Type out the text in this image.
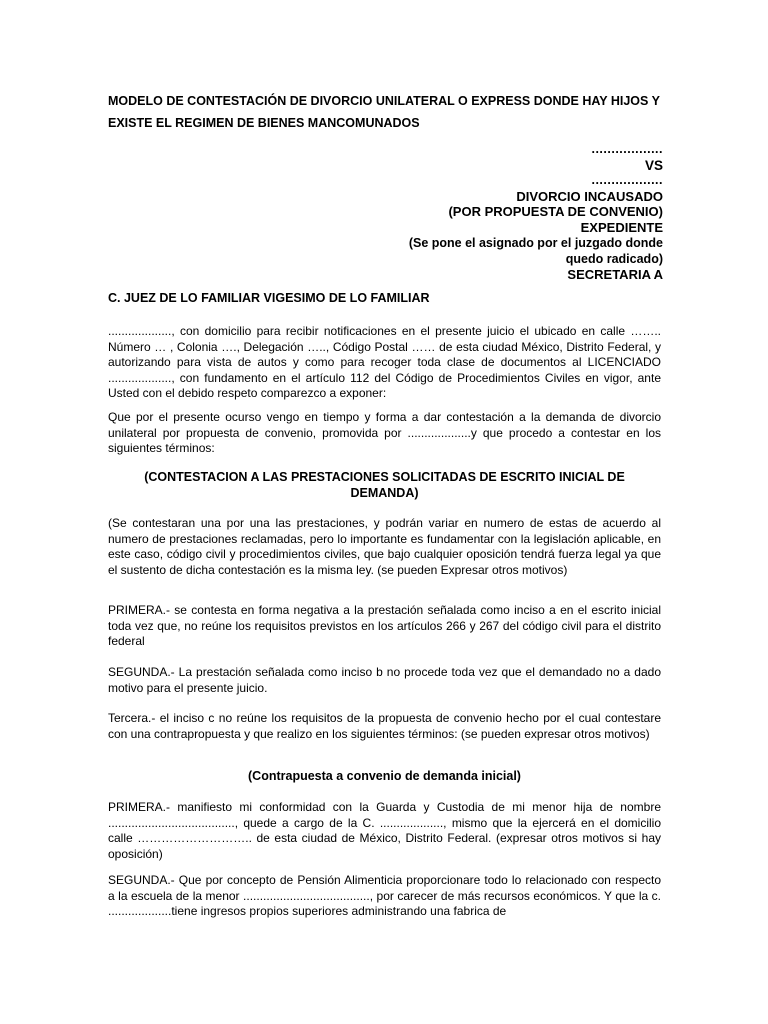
MODELO DE CONTESTACIÓN DE DIVORCIO UNILATERAL O EXPRESS DONDE HAY HIJOS Y EXISTE EL REGIMEN DE BIENES MANCOMUNADOS

..................
VS
..................
DIVORCIO INCAUSADO
(POR PROPUESTA DE CONVENIO)
EXPEDIENTE
(Se pone el asignado por el juzgado donde quedo radicado)
SECRETARIA A

C. JUEZ DE LO FAMILIAR VIGESIMO DE LO FAMILIAR

..................., con domicilio para recibir notificaciones en el presente juicio el ubicado en calle …….. Número … , Colonia …., Delegación ….., Código Postal …… de esta ciudad México, Distrito Federal, y autorizando para vista de autos y como para recoger toda clase de documentos al LICENCIADO ..................., con fundamento en el artículo 112 del Código de Procedimientos Civiles en vigor, ante Usted con el debido respeto comparezco a exponer:

Que por el presente ocurso vengo en tiempo y forma a dar contestación a la demanda de divorcio unilateral por propuesta de convenio, promovida por ...................y que procedo a contestar en los siguientes términos:

(CONTESTACION A LAS PRESTACIONES SOLICITADAS DE ESCRITO INICIAL DE DEMANDA)

(Se contestaran una por una las prestaciones, y podrán variar en numero de estas de acuerdo al numero de prestaciones reclamadas, pero lo importante es fundamentar con la legislación aplicable, en este caso, código civil y procedimientos civiles, que bajo cualquier oposición tendrá fuerza legal ya que el sustento de dicha contestación es la misma ley. (se pueden Expresar otros motivos)

PRIMERA.- se contesta en forma negativa a la prestación señalada como inciso a en el escrito inicial toda vez que, no reúne los requisitos previstos en los artículos 266 y 267 del código civil para el distrito federal

SEGUNDA.- La prestación señalada como inciso b no procede toda vez que el demandado no a dado motivo para el presente juicio.

Tercera.- el inciso c no reúne los requisitos de la propuesta de convenio hecho por el cual contestare con una contrapropuesta y que realizo en los siguientes términos: (se pueden expresar otros motivos)

(Contrapuesta a convenio de demanda inicial)

PRIMERA.- manifiesto mi conformidad con la Guarda y Custodia de mi menor hija de nombre ......................................, quede a cargo de la C. ..................., mismo que la ejercerá en el domicilio calle ……………………….. de esta ciudad de México, Distrito Federal. (expresar otros motivos si hay oposición)

SEGUNDA.- Que por concepto de Pensión Alimenticia proporcionare todo lo relacionado con respecto a la escuela de la menor ......................................, por carecer de más recursos económicos. Y que la c. ...................tiene ingresos propios superiores administrando una fabrica de
